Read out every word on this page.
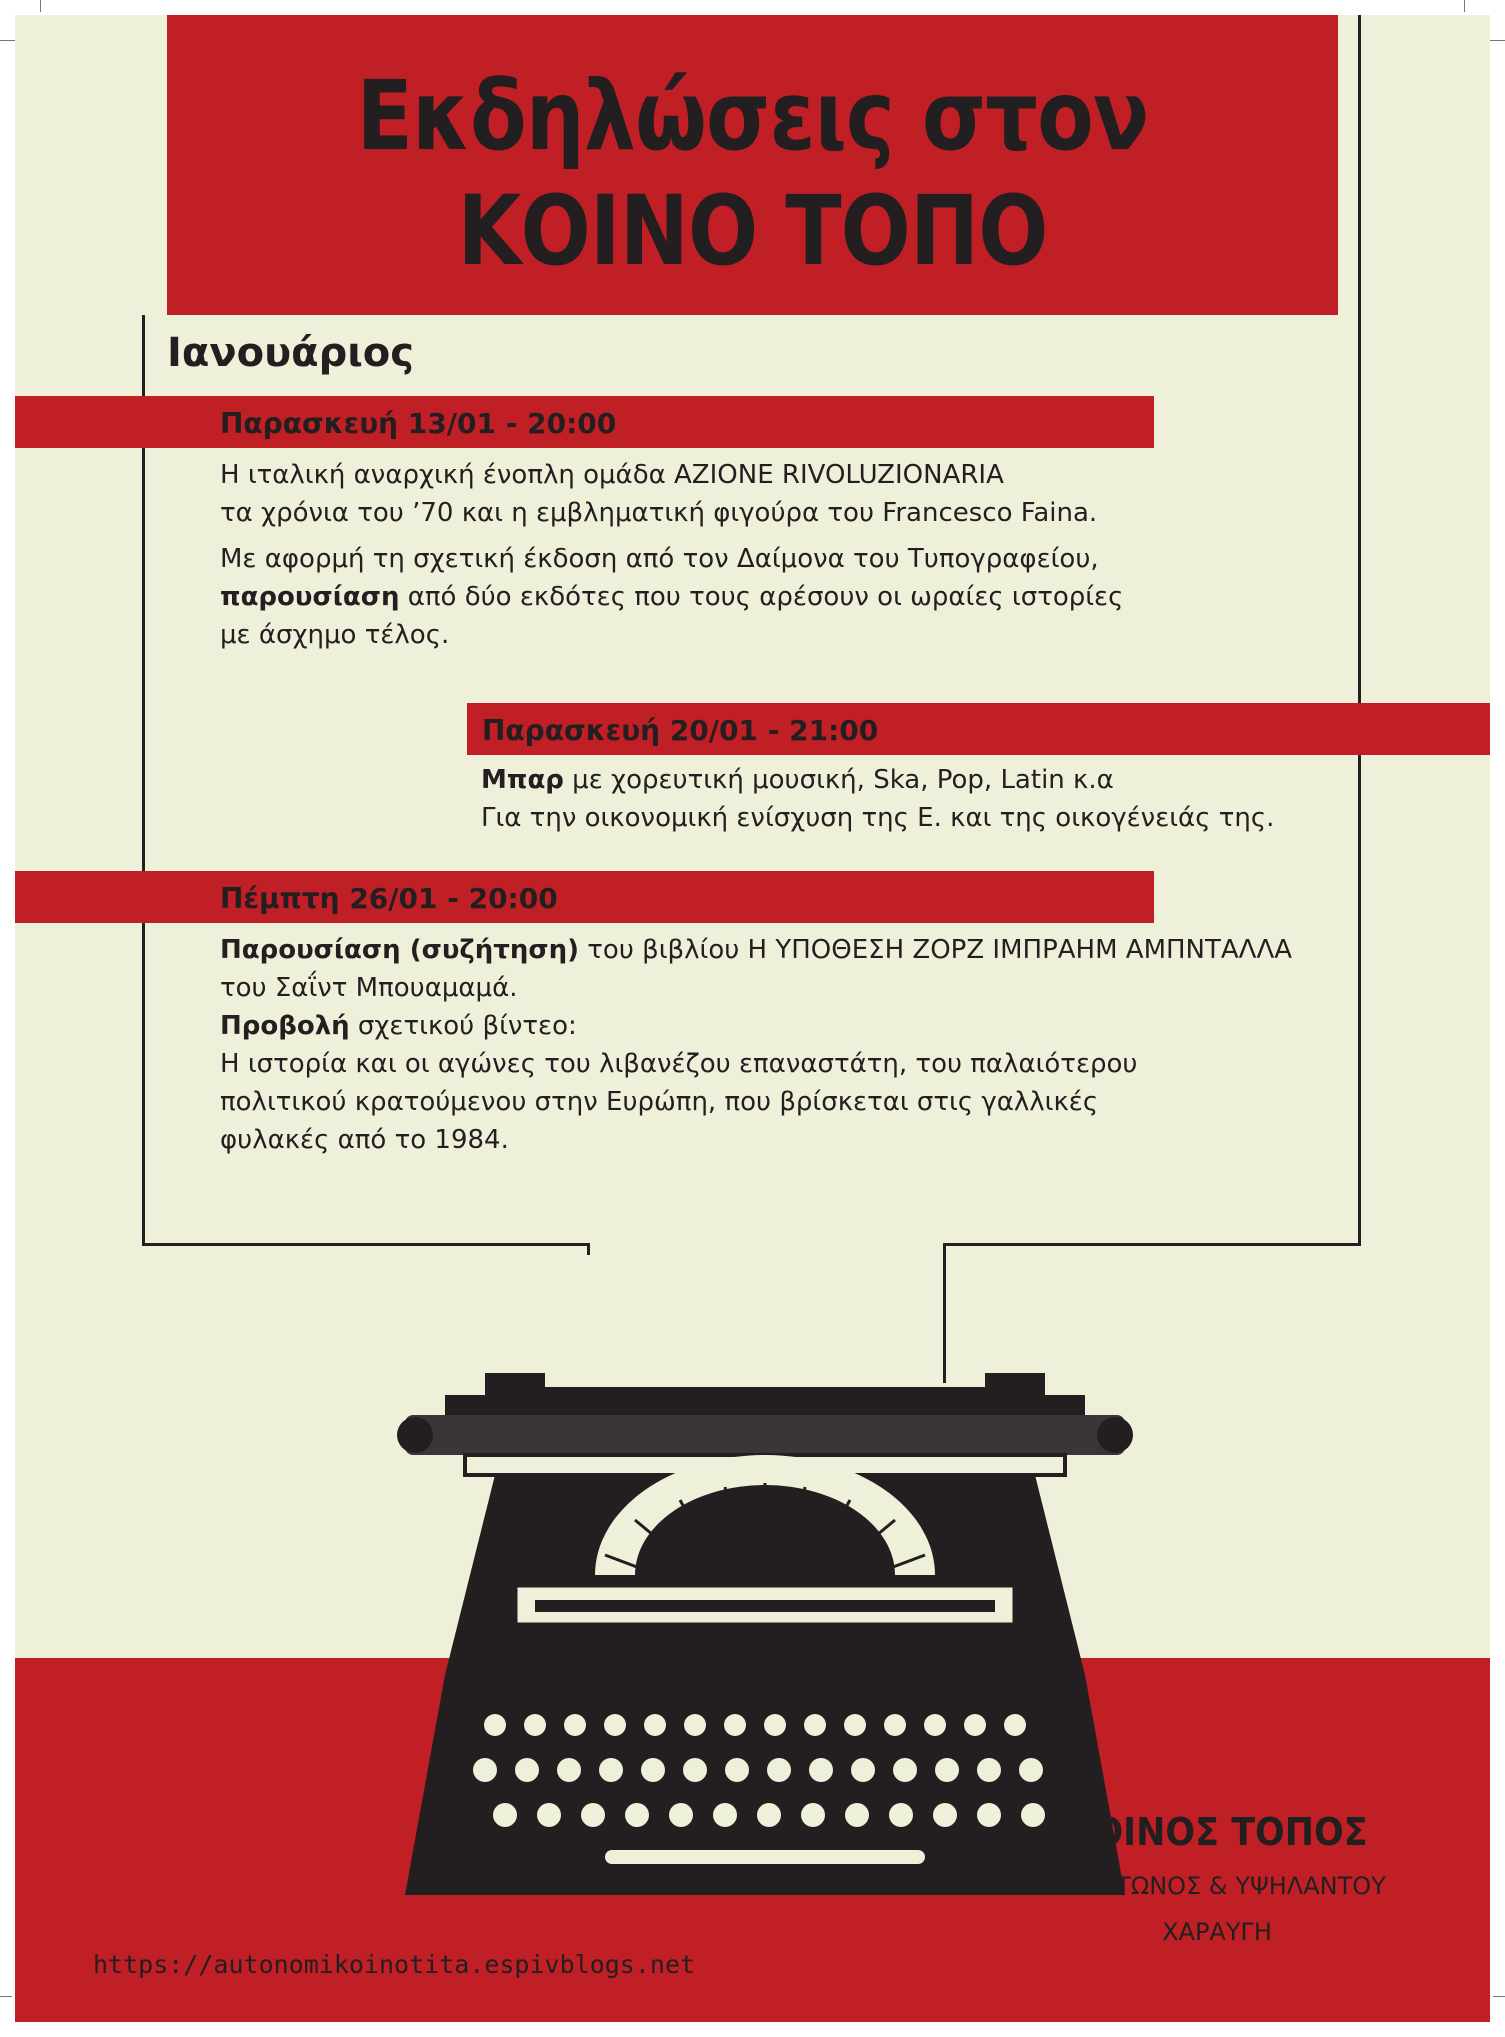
Εκδηλώσεις στον
ΚΟΙΝΟ ΤΟΠΟ
Ιανουάριος
Παρασκευή 13/01 - 20:00
Η ιταλική αναρχική ένοπλη ομάδα AZIONE RIVOLUZIONARIA
τα χρόνια του ’70 και η εμβληματική φιγούρα του Francesco Faina.
Με αφορμή τη σχετική έκδοση από τον Δαίμονα του Τυπογραφείου,
παρουσίαση από δύο εκδότες που τους αρέσουν οι ωραίες ιστορίες
με άσχημο τέλος.
Παρασκευή 20/01 - 21:00
Μπαρ με χορευτική μουσική, Ska, Pop, Latin κ.α
Για την οικονομική ενίσχυση της Ε. και της οικογένειάς της.
Πέμπτη 26/01 - 20:00
Παρουσίαση (συζήτηση) του βιβλίου Η ΥΠΟΘΕΣΗ ΖΟΡΖ ΙΜΠΡΑΗΜ ΑΜΠΝΤΑΛΛΑ
του Σαΐντ Μπουαμαμά.
Προβολή σχετικού βίντεο:
Η ιστορία και οι αγώνες του λιβανέζου επαναστάτη, του παλαιότερου
πολιτικού κρατούμενου στην Ευρώπη, που βρίσκεται στις γαλλικές
φυλακές από το 1984.
ΚΟΙΝΟΣ ΤΟΠΟΣ
ΠΛΟΥΤΩΝΟΣ & ΥΨΗΛΑΝΤΟΥ
ΧΑΡΑΥΓΗ
https://autonomikoinotita.espivblogs.net
